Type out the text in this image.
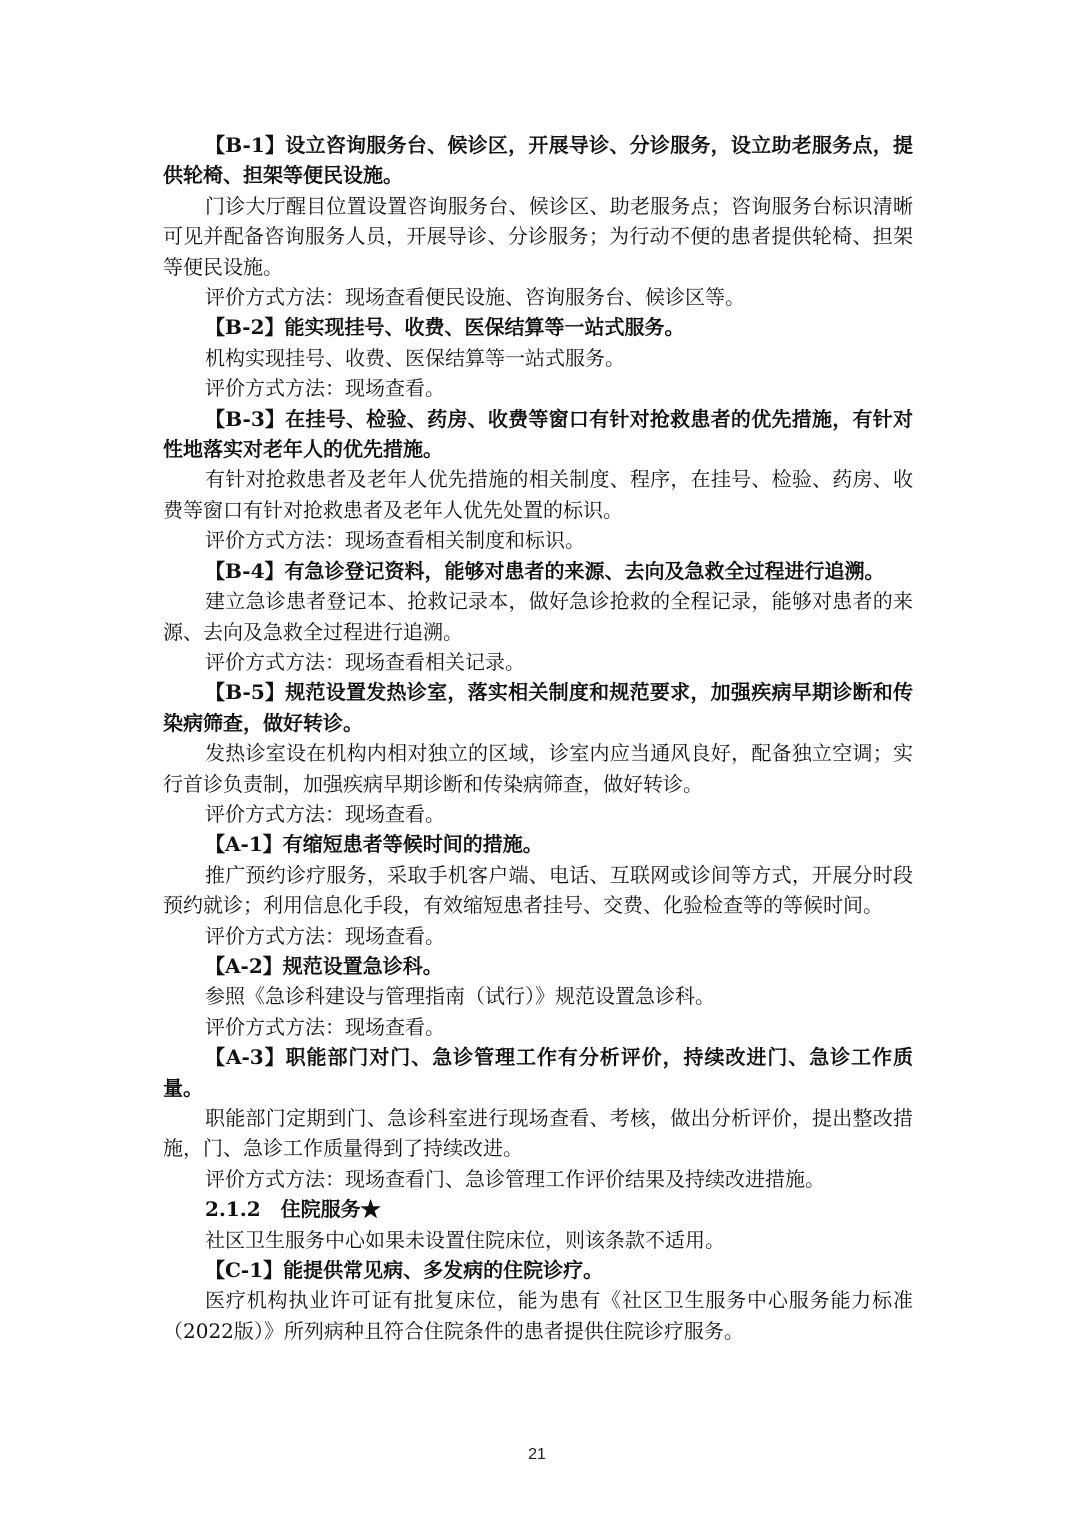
【B-1】设立咨询服务台、候诊区，开展导诊、分诊服务，设立助老服务点，提供轮椅、担架等便民设施。

门诊大厅醒目位置设置咨询服务台、候诊区、助老服务点；咨询服务台标识清晰可见并配备咨询服务人员，开展导诊、分诊服务；为行动不便的患者提供轮椅、担架等便民设施。

评价方式方法：现场查看便民设施、咨询服务台、候诊区等。

【B-2】能实现挂号、收费、医保结算等一站式服务。

机构实现挂号、收费、医保结算等一站式服务。

评价方式方法：现场查看。

【B-3】在挂号、检验、药房、收费等窗口有针对抢救患者的优先措施，有针对性地落实对老年人的优先措施。

有针对抢救患者及老年人优先措施的相关制度、程序，在挂号、检验、药房、收费等窗口有针对抢救患者及老年人优先处置的标识。

评价方式方法：现场查看相关制度和标识。

【B-4】有急诊登记资料，能够对患者的来源、去向及急救全过程进行追溯。

建立急诊患者登记本、抢救记录本，做好急诊抢救的全程记录，能够对患者的来源、去向及急救全过程进行追溯。

评价方式方法：现场查看相关记录。

【B-5】规范设置发热诊室，落实相关制度和规范要求，加强疾病早期诊断和传染病筛查，做好转诊。

发热诊室设在机构内相对独立的区域，诊室内应当通风良好，配备独立空调；实行首诊负责制，加强疾病早期诊断和传染病筛查，做好转诊。

评价方式方法：现场查看。

【A-1】有缩短患者等候时间的措施。

推广预约诊疗服务，采取手机客户端、电话、互联网或诊间等方式，开展分时段预约就诊；利用信息化手段，有效缩短患者挂号、交费、化验检查等的等候时间。

评价方式方法：现场查看。

【A-2】规范设置急诊科。

参照《急诊科建设与管理指南（试行）》规范设置急诊科。

评价方式方法：现场查看。

【A-3】职能部门对门、急诊管理工作有分析评价，持续改进门、急诊工作质量。

职能部门定期到门、急诊科室进行现场查看、考核，做出分析评价，提出整改措施，门、急诊工作质量得到了持续改进。

评价方式方法：现场查看门、急诊管理工作评价结果及持续改进措施。

2.1.2　住院服务★

社区卫生服务中心如果未设置住院床位，则该条款不适用。

【C-1】能提供常见病、多发病的住院诊疗。

医疗机构执业许可证有批复床位，能为患有《社区卫生服务中心服务能力标准（2022版）》所列病种且符合住院条件的患者提供住院诊疗服务。

21
